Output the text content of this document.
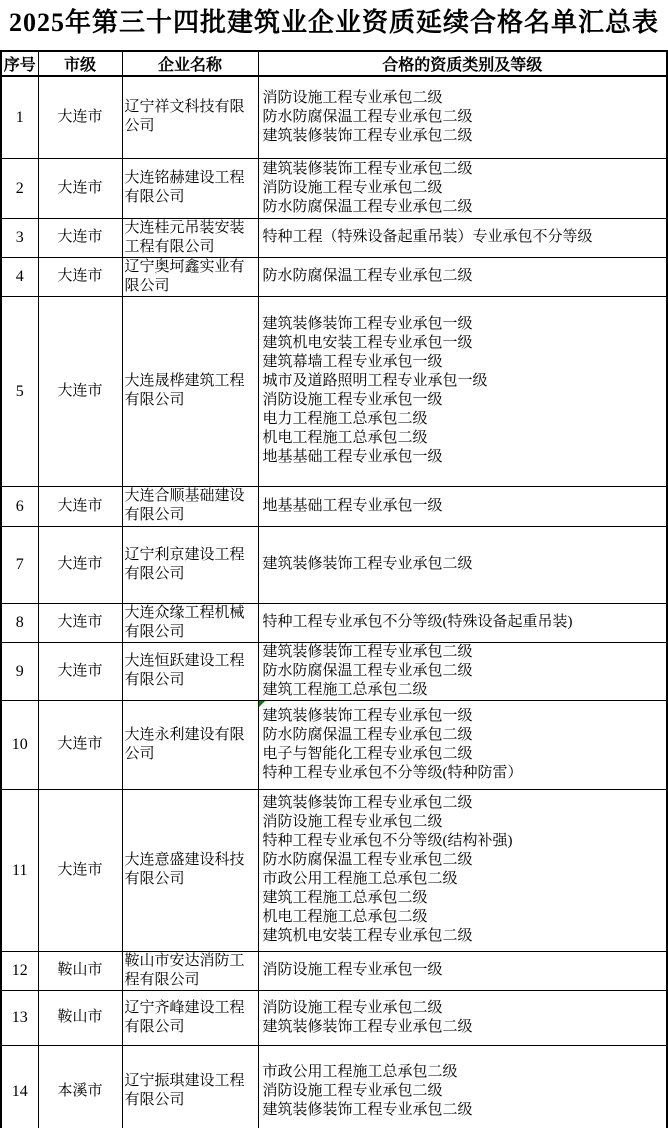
2025年第三十四批建筑业企业资质延续合格名单汇总表
序号	市级	企业名称	合格的资质类别及等级
1	大连市	辽宁祥文科技有限公司	消防设施工程专业承包二级
防水防腐保温工程专业承包二级
建筑装修装饰工程专业承包二级

2	大连市	大连铭赫建设工程有限公司	建筑装修装饰工程专业承包二级
消防设施工程专业承包二级
防水防腐保温工程专业承包二级

3	大连市	大连桂元吊装安装工程有限公司	特种工程（特殊设备起重吊装）专业承包不分等级

4	大连市	辽宁奥坷鑫实业有限公司	防水防腐保温工程专业承包二级

5	大连市	大连晟桦建筑工程有限公司	
建筑装修装饰工程专业承包一级
建筑机电安装工程专业承包一级
建筑幕墙工程专业承包一级
城市及道路照明工程专业承包一级
消防设施工程专业承包一级
电力工程施工总承包二级
机电工程施工总承包二级
地基基础工程专业承包一级

6	大连市	大连合顺基础建设有限公司	地基基础工程专业承包一级

7	大连市	辽宁利京建设工程有限公司	建筑装修装饰工程专业承包二级

8	大连市	大连众缘工程机械有限公司	特种工程专业承包不分等级(特殊设备起重吊装)

9	大连市	大连恒跃建设工程有限公司	建筑装修装饰工程专业承包二级
防水防腐保温工程专业承包二级
建筑工程施工总承包二级

10	大连市	大连永利建设有限公司	建筑装修装饰工程专业承包一级
防水防腐保温工程专业承包二级
电子与智能化工程专业承包二级
特种工程专业承包不分等级(特种防雷）

11	大连市	大连意盛建设科技有限公司	
建筑装修装饰工程专业承包二级
消防设施工程专业承包二级
特种工程专业承包不分等级(结构补强)
防水防腐保温工程专业承包二级
市政公用工程施工总承包二级
建筑工程施工总承包二级
机电工程施工总承包二级
建筑机电安装工程专业承包二级

12	鞍山市	鞍山市安达消防工程有限公司	消防设施工程专业承包一级

13	鞍山市	辽宁齐峰建设工程有限公司	消防设施工程专业承包二级
建筑装修装饰工程专业承包二级

14	本溪市	辽宁振琪建设工程有限公司	市政公用工程施工总承包二级
消防设施工程专业承包二级
建筑装修装饰工程专业承包二级
